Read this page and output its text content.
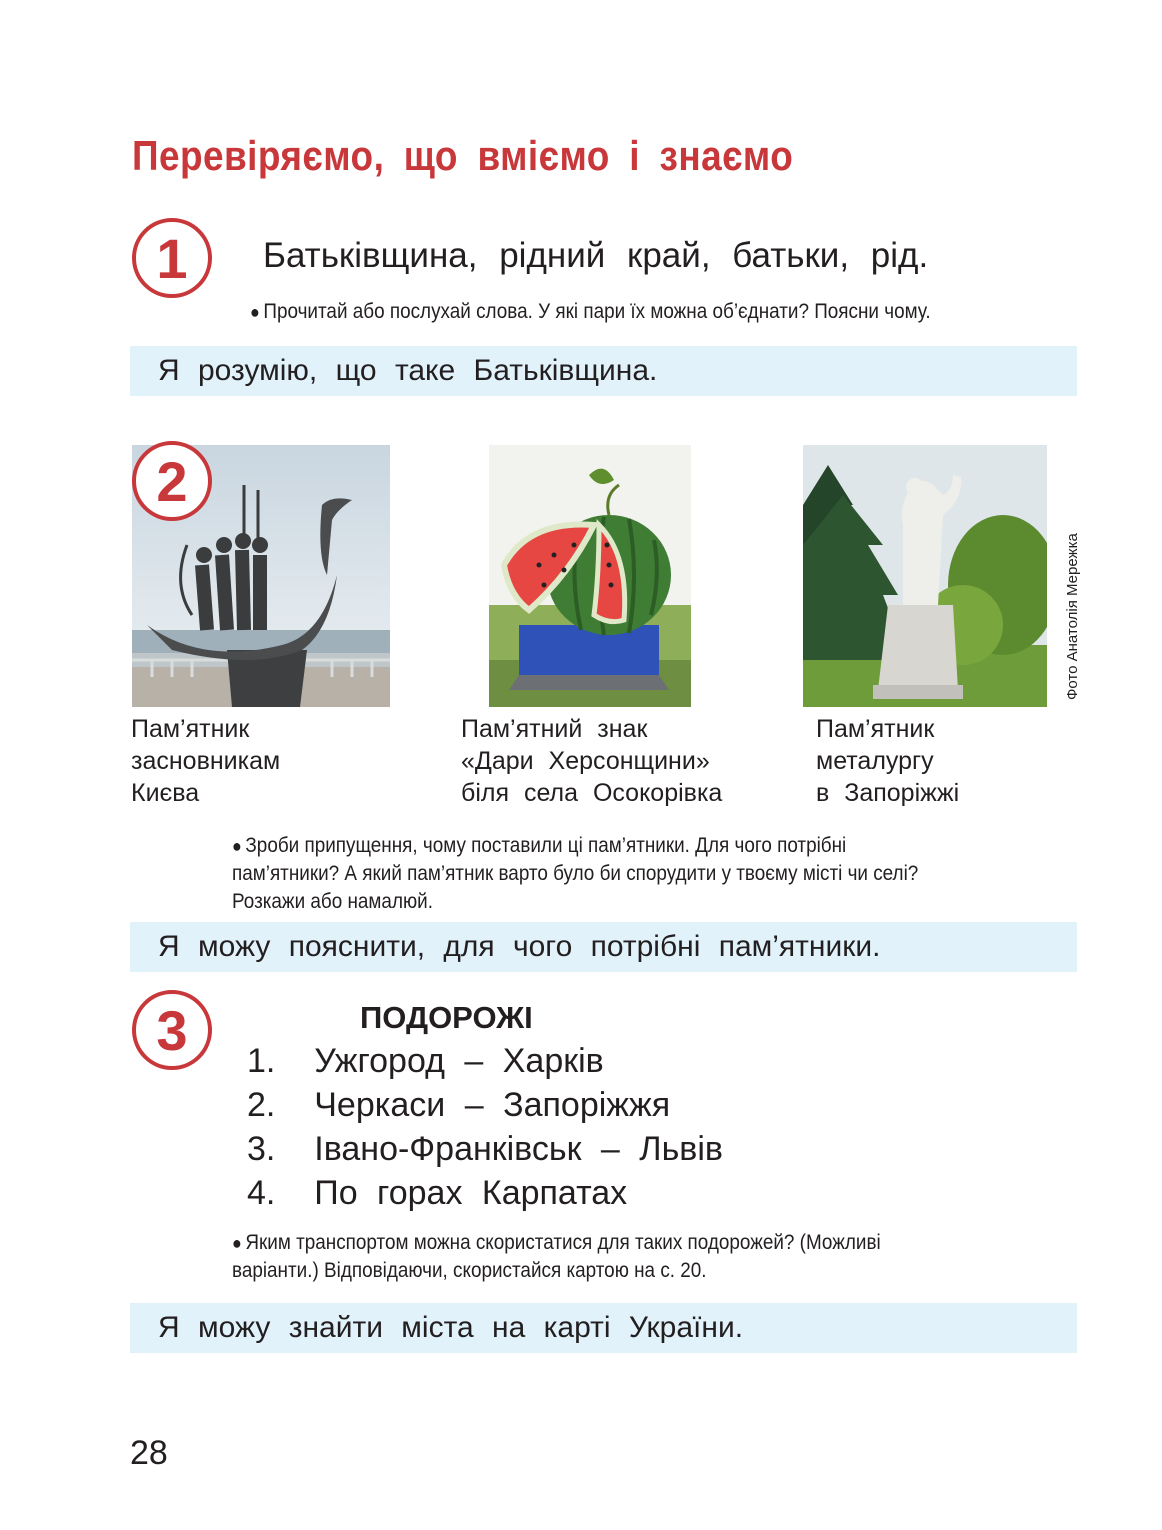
Перевіряємо, що вміємо і знаємо
1	Батьківщина, рідний край, батьки, рід.
● Прочитай або послухай слова. У які пари їх можна об’єднати? Поясни чому.
Я розумію, що таке Батьківщина.
2
Фото Анатолія Мережка
Пам’ятник
засновникам
Києва
Пам’ятний знак
«Дари Херсонщини»
біля села Осокорівка
Пам’ятник
металургу
в Запоріжжі
● Зроби припущення, чому поставили ці пам’ятники. Для чого потрібні
пам’ятники? А який пам’ятник варто було би спорудити у твоєму місті чи селі?
Розкажи або намалюй.
Я можу пояснити, для чого потрібні пам’ятники.
3	ПОДОРОЖІ
1. Ужгород – Харків
2. Черкаси – Запоріжжя
3. Івано-Франківськ – Львів
4. По горах Карпатах
● Яким транспортом можна скористатися для таких подорожей? (Можливі
варіанти.) Відповідаючи, скористайся картою на с. 20.
Я можу знайти міста на карті України.
28
